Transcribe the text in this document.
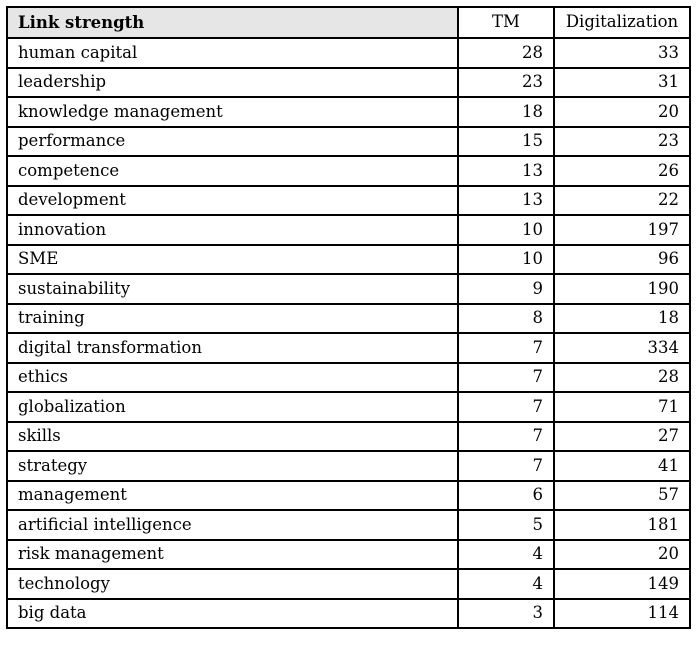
Link strength	TM	Digitalization
human capital	28	33
leadership	23	31
knowledge management	18	20
performance	15	23
competence	13	26
development	13	22
innovation	10	197
SME	10	96
sustainability	9	190
training	8	18
digital transformation	7	334
ethics	7	28
globalization	7	71
skills	7	27
strategy	7	41
management	6	57
artificial intelligence	5	181
risk management	4	20
technology	4	149
big data	3	114
